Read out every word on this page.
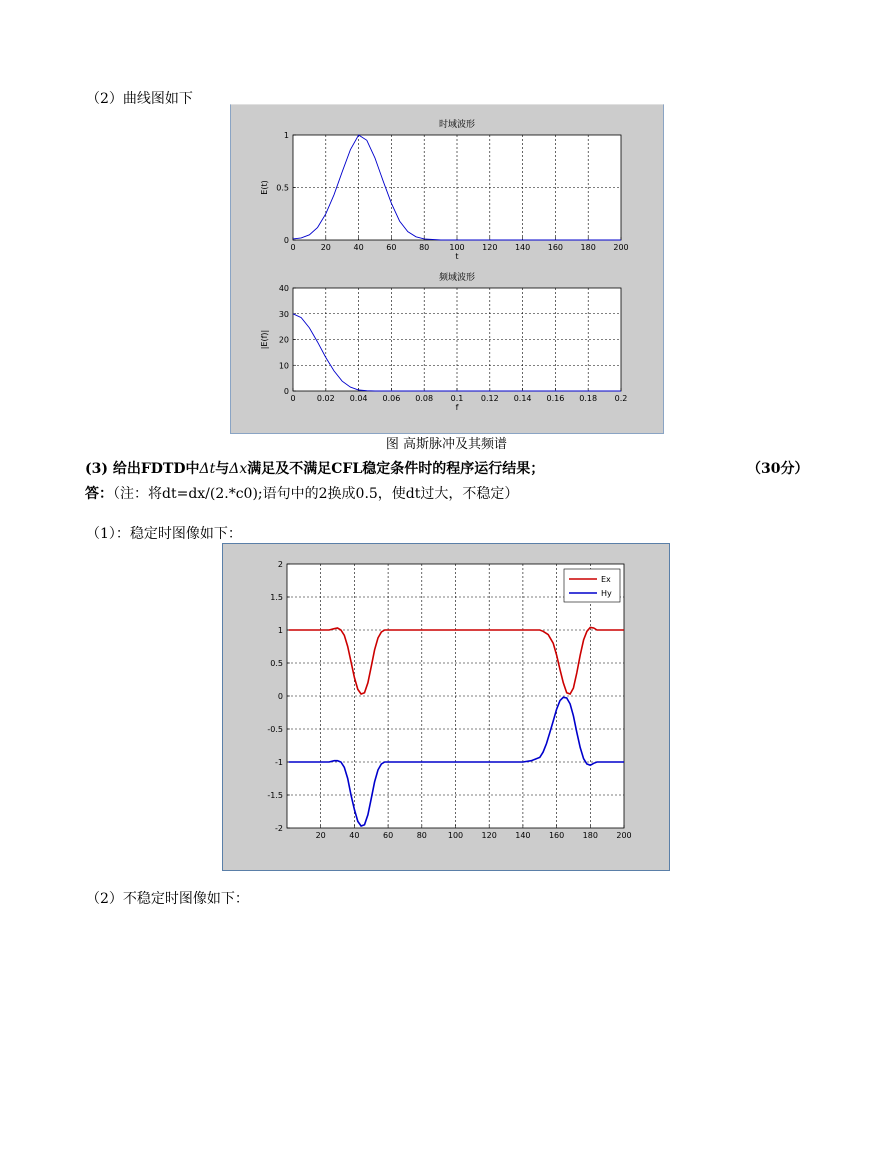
（2）曲线图如下
0	20	40	60	80	100 120 140 160 180 200
0
0.5
1
时域波形
t
E(t)
0	0.02 0.04 0.06 0.08 0.1 0.12 0.14 0.16 0.18 0.2
0
10
20
30
40
频域波形
f
|E(f)|
图 高斯脉冲及其频谱
(3) 给出FDTD中Δt与Δx满足及不满足CFL稳定条件时的程序运行结果；	（30分）
答：（注：将dt=dx/(2.*c0);语句中的2换成0.5，使dt过大，不稳定）
（1）：稳定时图像如下：
20	40	60	80	100 120 140 160 180 200
-2
-1.5
-1
-0.5
0
0.5
1
1.5
2
Ex
Hy
（2）不稳定时图像如下：
